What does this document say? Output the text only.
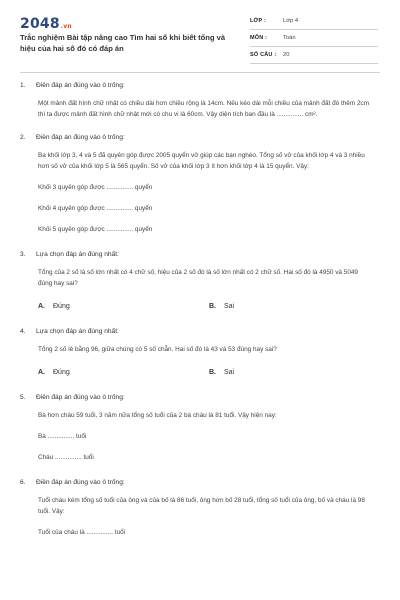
2048.vn
Trắc nghiệm Bài tập nâng cao Tìm hai số khi biết tổng và hiệu của hai số đó có đáp án
LỚP :	Lớp 4
MÔN :	Toán
SỐ CÂU :	20
1.	Điền đáp án đúng vào ô trống:
Một mảnh đất hình chữ nhật có chiều dài hơn chiều rộng là 14cm. Nếu kéo dài mỗi chiều của mảnh đất đó thêm 2cm thì ta được mảnh đất hình chữ nhật mới có chu vi là 60cm. Vậy diện tích ban đầu là ............... cm².
2.	Điền đáp án đúng vào ô trống:
Ba khối lớp 3, 4 và 5 đã quyên góp được 2005 quyển vở giúp các bạn nghèo. Tổng số vở của khối lớp 4 và 3 nhiều hơn số vở của khối lớp 5 là 565 quyển. Số vở của khối lớp 3 ít hơn khối lớp 4 là 15 quyển. Vậy:
Khối 3 quyên góp được ............... quyển
Khối 4 quyên góp được ............... quyển
Khối 5 quyên góp được ............... quyển
3.	Lựa chọn đáp án đúng nhất:
Tổng của 2 số là số lớn nhất có 4 chữ số, hiệu của 2 số đó là số lớn nhất có 2 chữ số. Hai số đó là 4950 và 5049 đúng hay sai?
A. Đúng	B. Sai
4.	Lựa chọn đáp án đúng nhất:
Tổng 2 số lẻ bằng 96, giữa chúng có 5 số chẵn. Hai số đó là 43 và 53 đúng hay sai?
A. Đúng	B. Sai
5.	Điền đáp án đúng vào ô trống:
Bà hơn cháu 59 tuổi, 3 năm nữa tổng số tuổi của 2 bà cháu là 81 tuổi. Vậy hiện nay:
Bà ............... tuổi
Cháu ............... tuổi
6.	Điền đáp án đúng vào ô trống:
Tuổi cháu kém tổng số tuổi của ông và của bố là 86 tuổi, ông hơn bố 28 tuổi, tổng số tuổi của ông, bố và cháu là 98 tuổi. Vậy:
Tuổi của cháu là ............... tuổi
